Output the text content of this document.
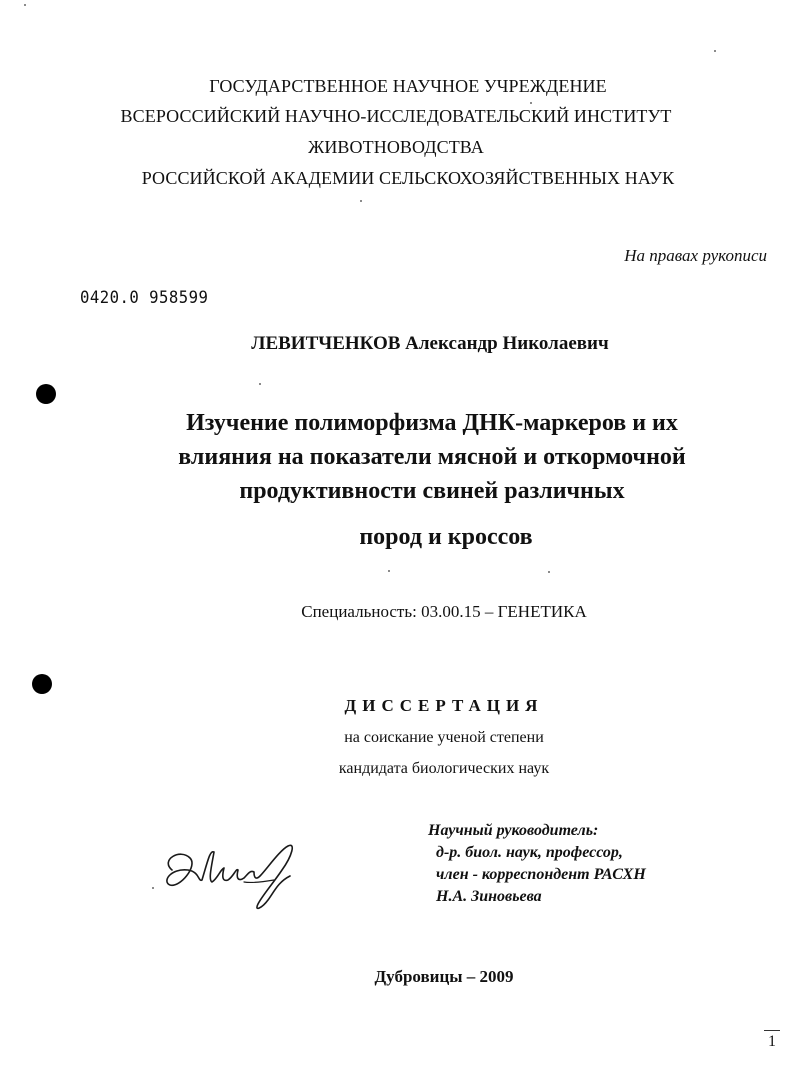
ГОСУДАРСТВЕННОЕ НАУЧНОЕ УЧРЕЖДЕНИЕ
ВСЕРОССИЙСКИЙ НАУЧНО-ИССЛЕДОВАТЕЛЬСКИЙ ИНСТИТУТ
ЖИВОТНОВОДСТВА
РОССИЙСКОЙ АКАДЕМИИ СЕЛЬСКОХОЗЯЙСТВЕННЫХ НАУК
На правах рукописи
0420.0 958599
ЛЕВИТЧЕНКОВ Александр Николаевич
Изучение полиморфизма ДНК-маркеров и их
влияния на показатели мясной и откормочной
продуктивности свиней различных
пород и кроссов
Специальность: 03.00.15 – ГЕНЕТИКА
ДИССЕРТАЦИЯ
на соискание ученой степени
кандидата биологических наук
Научный руководитель:
д-р. биол. наук, профессор,
член - корреспондент РАСХН
Н.А. Зиновьева
Дубровицы – 2009
1
